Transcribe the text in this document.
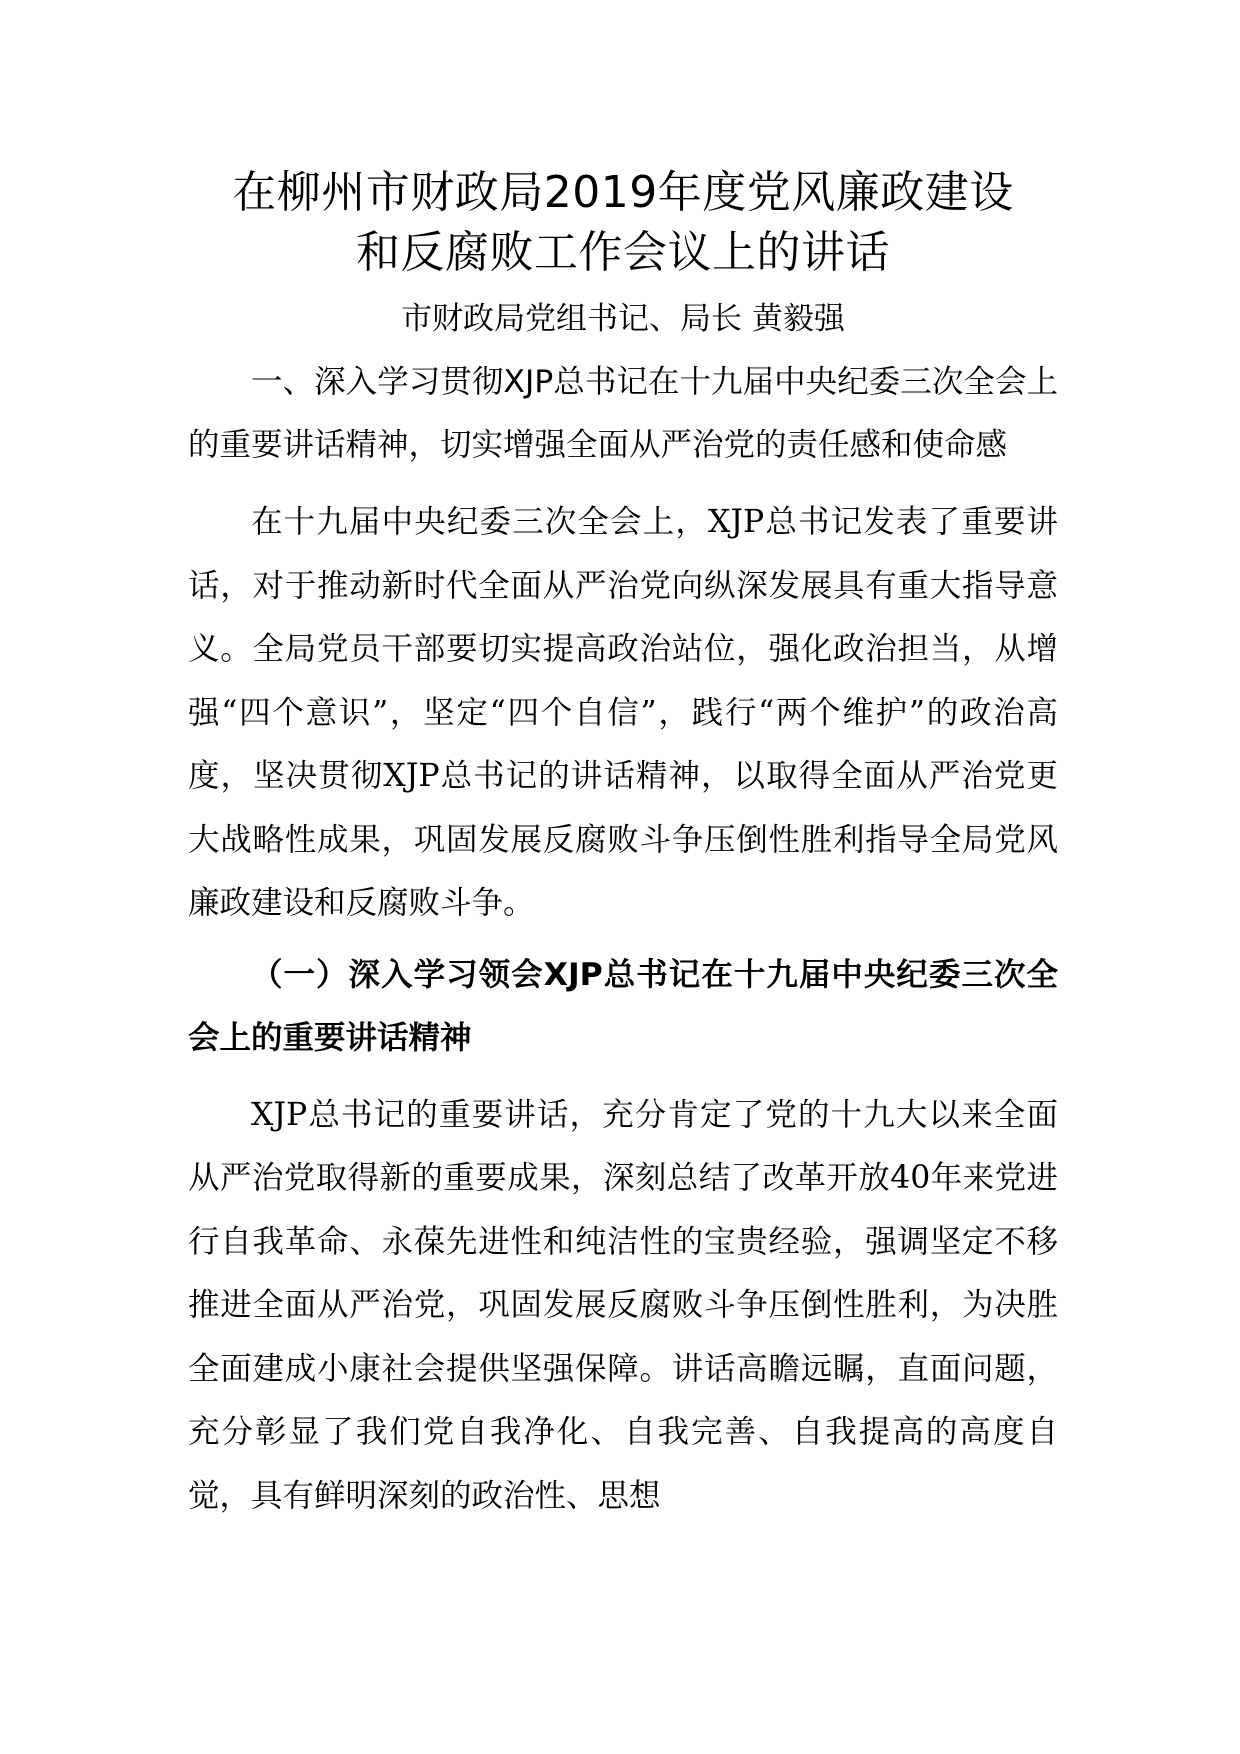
在柳州市财政局2019年度党风廉政建设
和反腐败工作会议上的讲话

市财政局党组书记、局长 黄毅强

一、深入学习贯彻XJP总书记在十九届中央纪委三次全会上的重要讲话精神，切实增强全面从严治党的责任感和使命感

在十九届中央纪委三次全会上，XJP总书记发表了重要讲话，对于推动新时代全面从严治党向纵深发展具有重大指导意义。全局党员干部要切实提高政治站位，强化政治担当，从增强“四个意识”，坚定“四个自信”，践行“两个维护”的政治高度，坚决贯彻XJP总书记的讲话精神，以取得全面从严治党更大战略性成果，巩固发展反腐败斗争压倒性胜利指导全局党风廉政建设和反腐败斗争。

（一）深入学习领会XJP总书记在十九届中央纪委三次全会上的重要讲话精神

XJP总书记的重要讲话，充分肯定了党的十九大以来全面从严治党取得新的重要成果，深刻总结了改革开放40年来党进行自我革命、永葆先进性和纯洁性的宝贵经验，强调坚定不移推进全面从严治党，巩固发展反腐败斗争压倒性胜利，为决胜全面建成小康社会提供坚强保障。讲话高瞻远瞩，直面问题，充分彰显了我们党自我净化、自我完善、自我提高的高度自觉，具有鲜明深刻的政治性、思想
